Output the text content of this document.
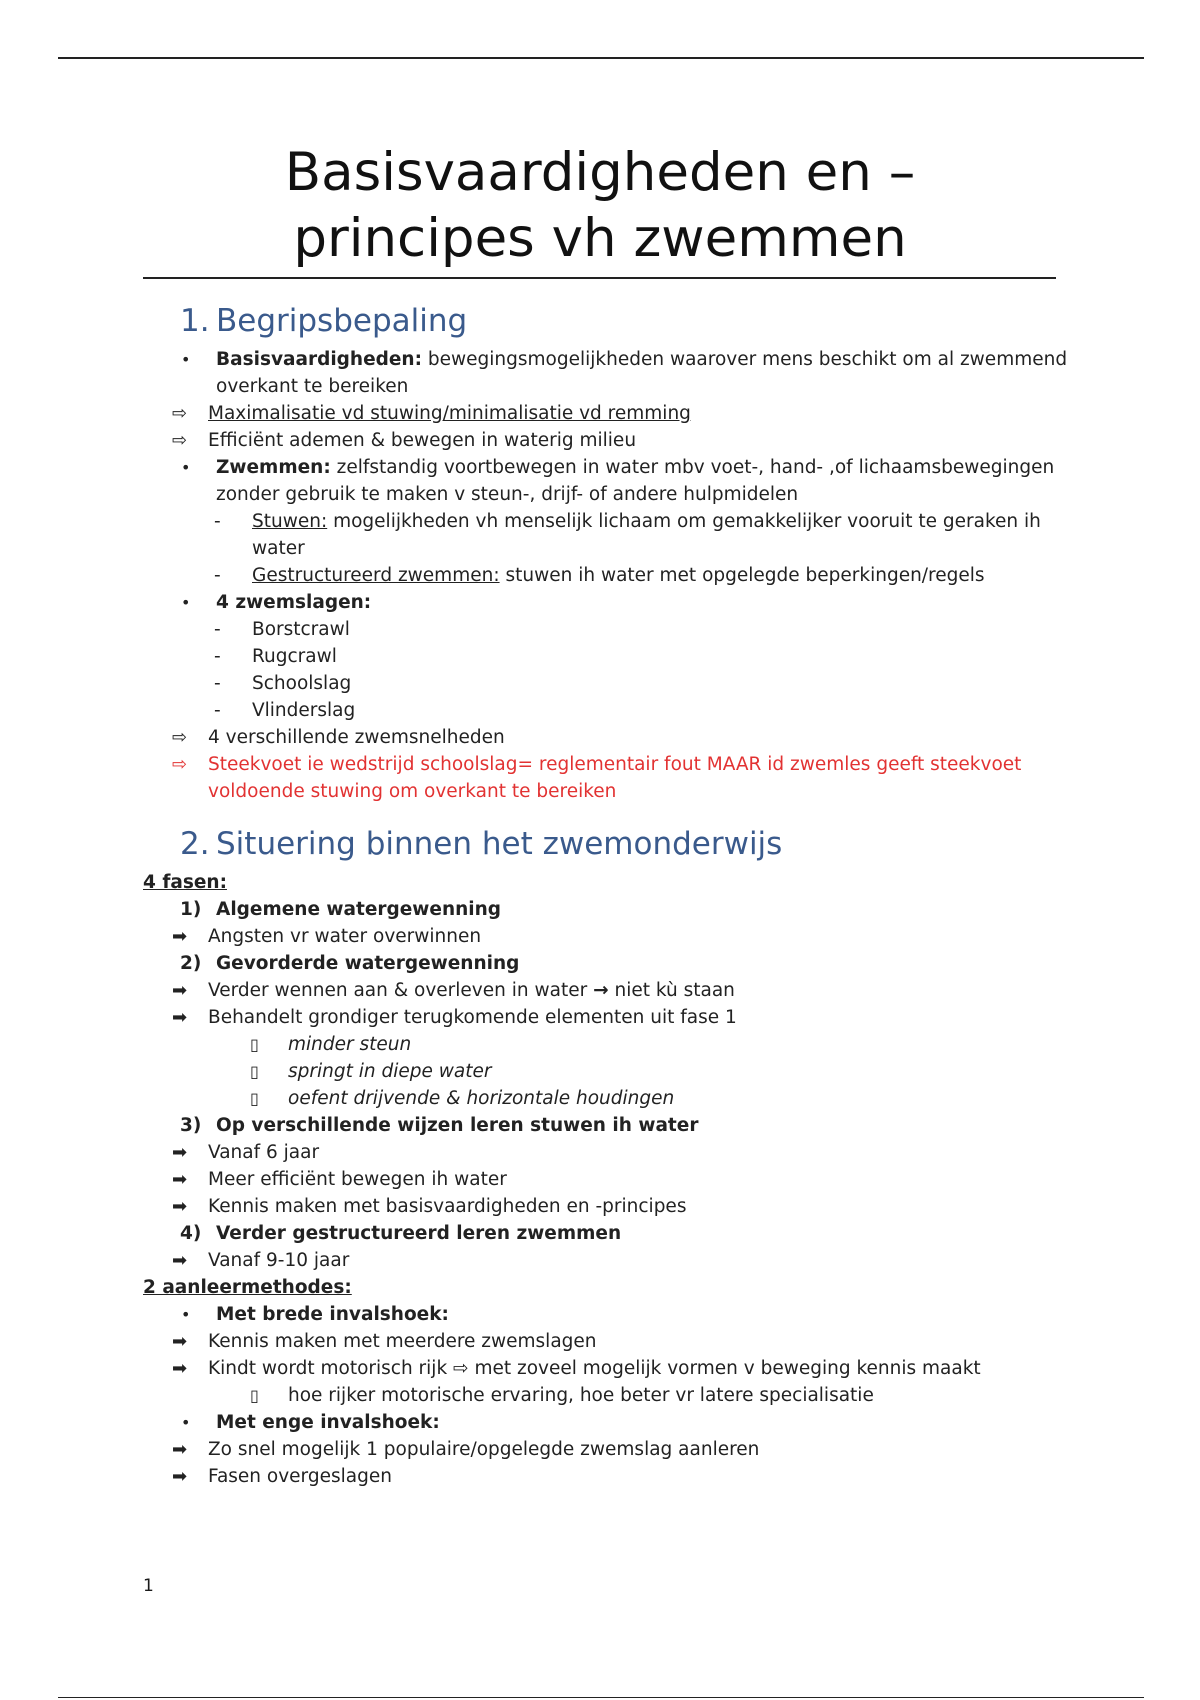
Basisvaardigheden en –
principes vh zwemmen
1. Begripsbepaling
• Basisvaardigheden: bewegingsmogelijkheden waarover mens beschikt om al zwemmend
overkant te bereiken
⇨ Maximalisatie vd stuwing/minimalisatie vd remming
⇨ Efficiënt ademen & bewegen in waterig milieu
• Zwemmen: zelfstandig voortbewegen in water mbv voet-, hand- ,of lichaamsbewegingen
zonder gebruik te maken v steun-, drijf- of andere hulpmidelen
- Stuwen: mogelijkheden vh menselijk lichaam om gemakkelijker vooruit te geraken ih
water
- Gestructureerd zwemmen: stuwen ih water met opgelegde beperkingen/regels
• 4 zwemslagen:
- Borstcrawl
- Rugcrawl
- Schoolslag
- Vlinderslag
⇨ 4 verschillende zwemsnelheden
⇨ Steekvoet ie wedstrijd schoolslag= reglementair fout MAAR id zwemles geeft steekvoet
voldoende stuwing om overkant te bereiken
2. Situering binnen het zwemonderwijs
4 fasen:
1) Algemene watergewenning
➡ Angsten vr water overwinnen
2) Gevorderde watergewenning
➡ Verder wennen aan & overleven in water → niet kù staan
➡ Behandelt grondiger terugkomende elementen uit fase 1
▯ minder steun
▯ springt in diepe water
▯ oefent drijvende & horizontale houdingen
3) Op verschillende wijzen leren stuwen ih water
➡ Vanaf 6 jaar
➡ Meer efficiënt bewegen ih water
➡ Kennis maken met basisvaardigheden en -principes
4) Verder gestructureerd leren zwemmen
➡ Vanaf 9-10 jaar
2 aanleermethodes:
• Met brede invalshoek:
➡ Kennis maken met meerdere zwemslagen
➡ Kindt wordt motorisch rijk ⇨ met zoveel mogelijk vormen v beweging kennis maakt
▯ hoe rijker motorische ervaring, hoe beter vr latere specialisatie
• Met enge invalshoek:
➡ Zo snel mogelijk 1 populaire/opgelegde zwemslag aanleren
➡ Fasen overgeslagen
1
